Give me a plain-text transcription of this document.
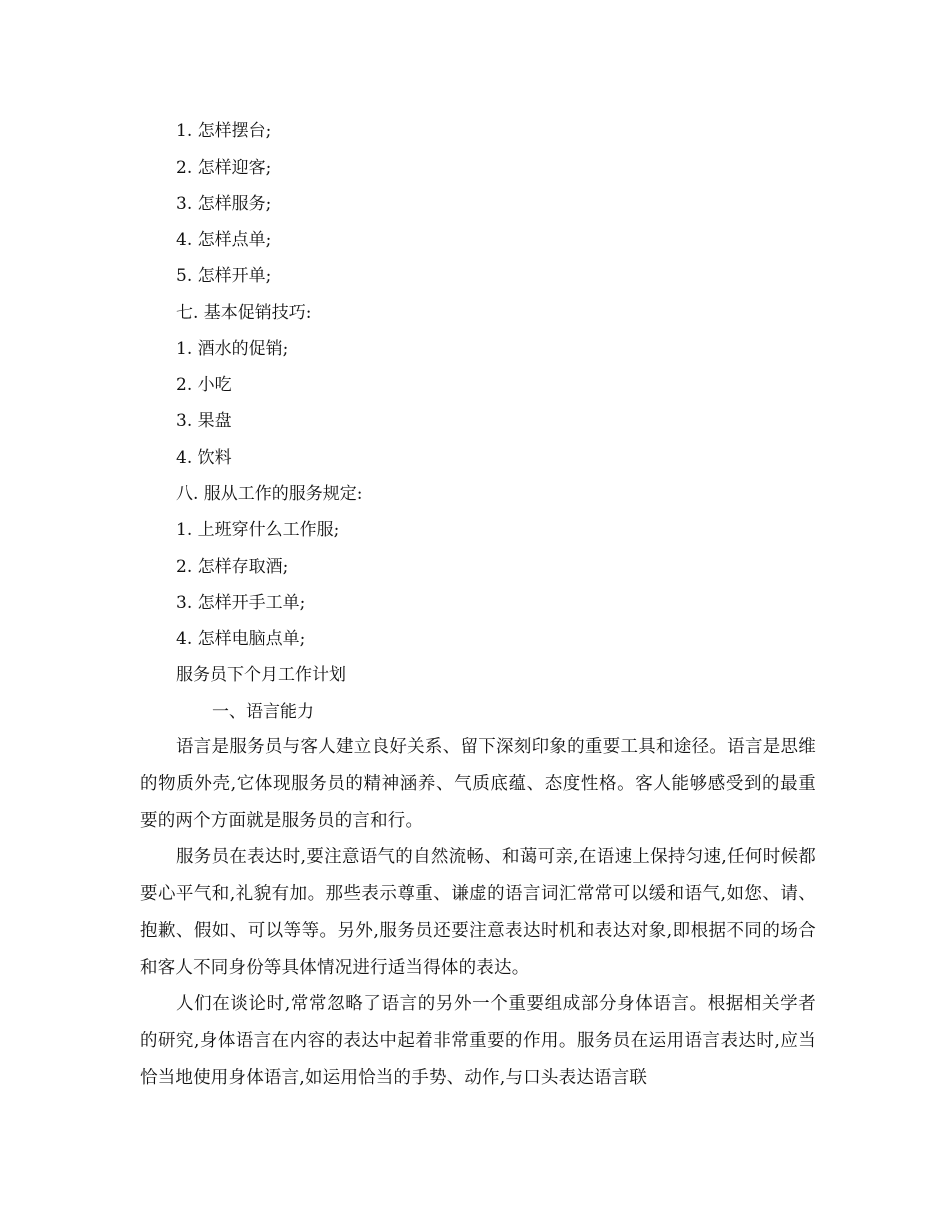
1. 怎样摆台;
2. 怎样迎客;
3. 怎样服务;
4. 怎样点单;
5. 怎样开单;
七. 基本促销技巧:
1. 酒水的促销;
2. 小吃
3. 果盘
4. 饮料
八. 服从工作的服务规定:
1. 上班穿什么工作服;
2. 怎样存取酒;
3. 怎样开手工单;
4. 怎样电脑点单;
服务员下个月工作计划
一、语言能力

语言是服务员与客人建立良好关系、留下深刻印象的重要工具和途径。语言是思维的物质外壳,它体现服务员的精神涵养、气质底蕴、态度性格。客人能够感受到的最重要的两个方面就是服务员的言和行。

服务员在表达时,要注意语气的自然流畅、和蔼可亲,在语速上保持匀速,任何时候都要心平气和,礼貌有加。那些表示尊重、谦虚的语言词汇常常可以缓和语气,如您、请、抱歉、假如、可以等等。另外,服务员还要注意表达时机和表达对象,即根据不同的场合和客人不同身份等具体情况进行适当得体的表达。

人们在谈论时,常常忽略了语言的另外一个重要组成部分身体语言。根据相关学者的研究,身体语言在内容的表达中起着非常重要的作用。服务员在运用语言表达时,应当恰当地使用身体语言,如运用恰当的手势、动作,与口头表达语言联
